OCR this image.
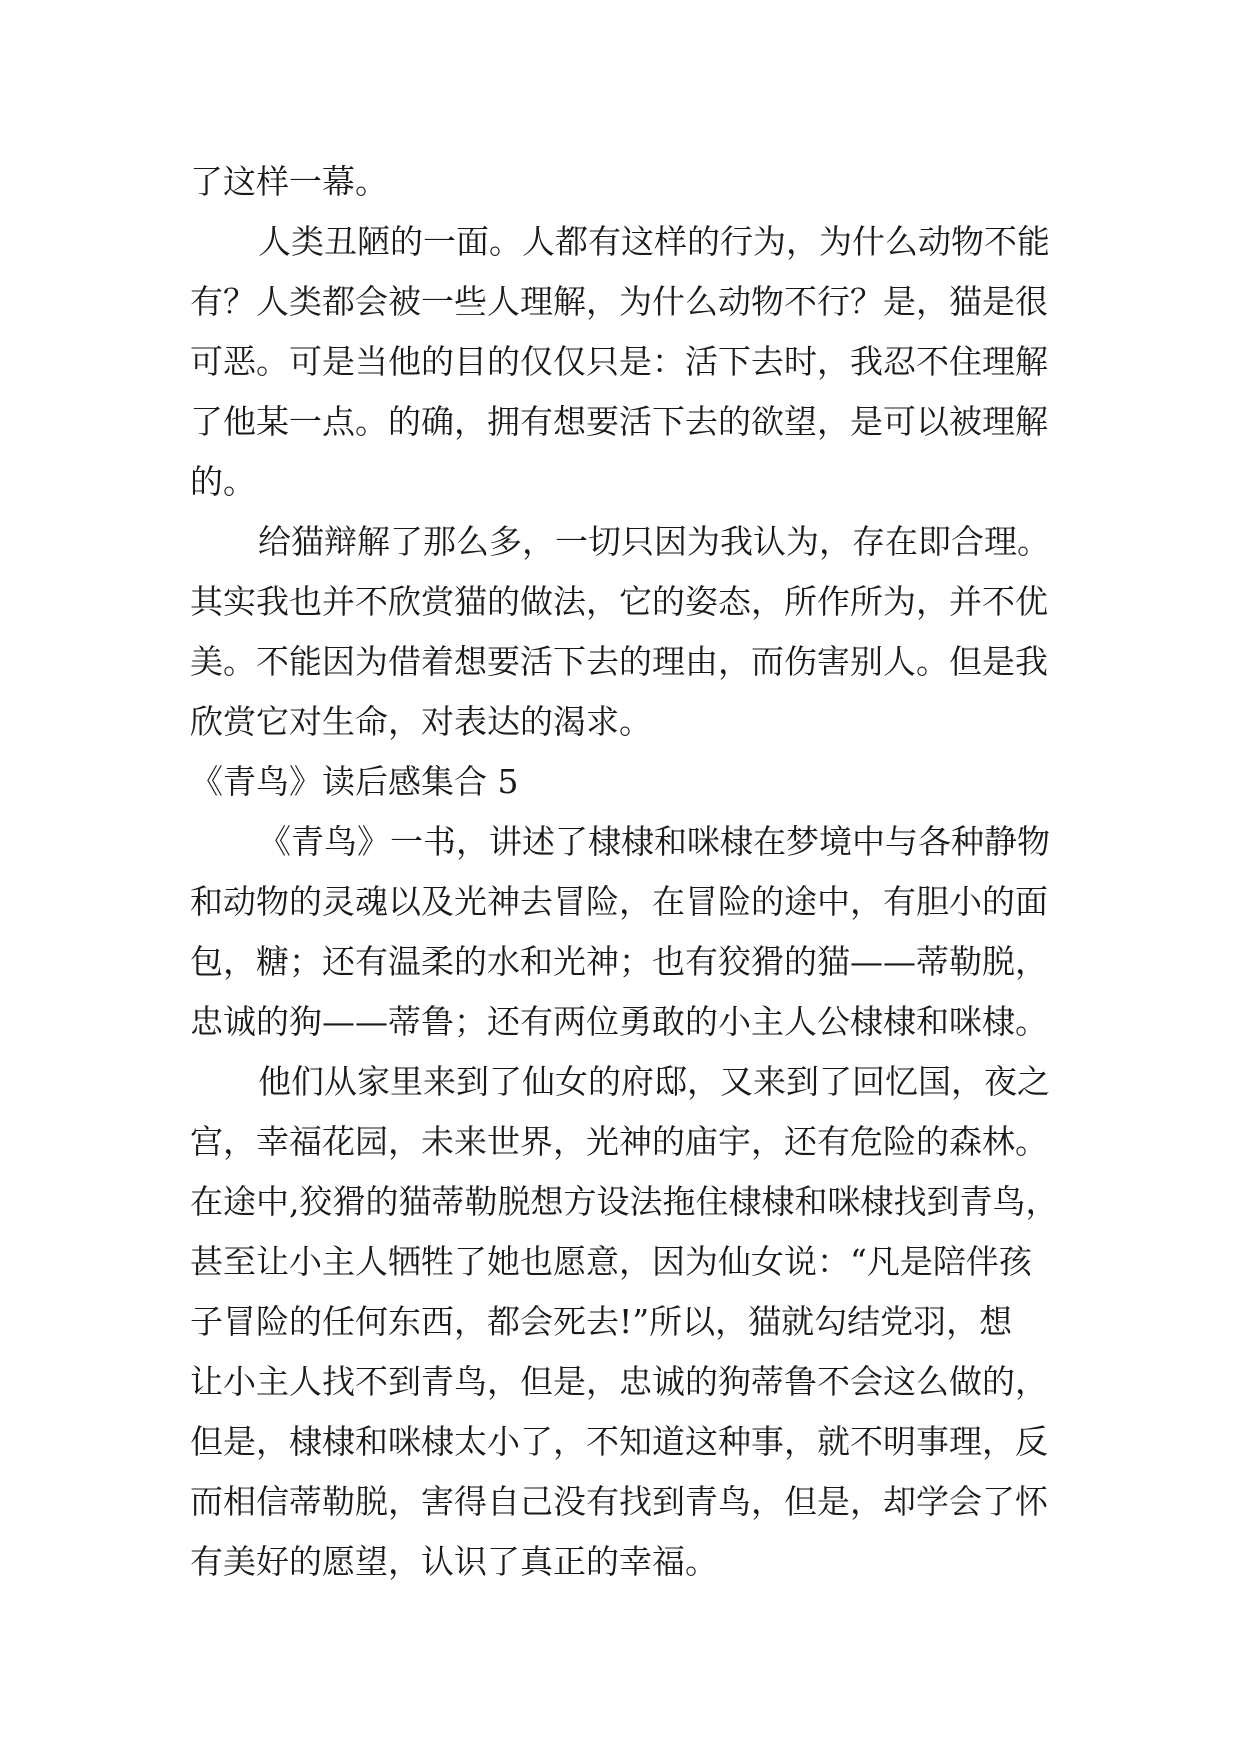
了这样一幕。
人类丑陋的一面。人都有这样的行为，为什么动物不能
有？人类都会被一些人理解，为什么动物不行？是，猫是很
可恶。可是当他的目的仅仅只是：活下去时，我忍不住理解
了他某一点。的确，拥有想要活下去的欲望，是可以被理解
的。
给猫辩解了那么多，一切只因为我认为，存在即合理。
其实我也并不欣赏猫的做法，它的姿态，所作所为，并不优
美。不能因为借着想要活下去的理由，而伤害别人。但是我
欣赏它对生命，对表达的渴求。
《青鸟》读后感集合 5
《青鸟》一书，讲述了棣棣和咪棣在梦境中与各种静物
和动物的灵魂以及光神去冒险，在冒险的途中，有胆小的面
包，糖；还有温柔的水和光神；也有狡猾的猫——蒂勒脱，
忠诚的狗——蒂鲁；还有两位勇敢的小主人公棣棣和咪棣。
他们从家里来到了仙女的府邸，又来到了回忆国，夜之
宫，幸福花园，未来世界，光神的庙宇，还有危险的森林。
在途中,狡猾的猫蒂勒脱想方设法拖住棣棣和咪棣找到青鸟，
甚至让小主人牺牲了她也愿意，因为仙女说：“凡是陪伴孩
子冒险的任何东西，都会死去!”所以，猫就勾结党羽，想
让小主人找不到青鸟，但是，忠诚的狗蒂鲁不会这么做的，
但是，棣棣和咪棣太小了，不知道这种事，就不明事理，反
而相信蒂勒脱，害得自己没有找到青鸟，但是，却学会了怀
有美好的愿望，认识了真正的幸福。
